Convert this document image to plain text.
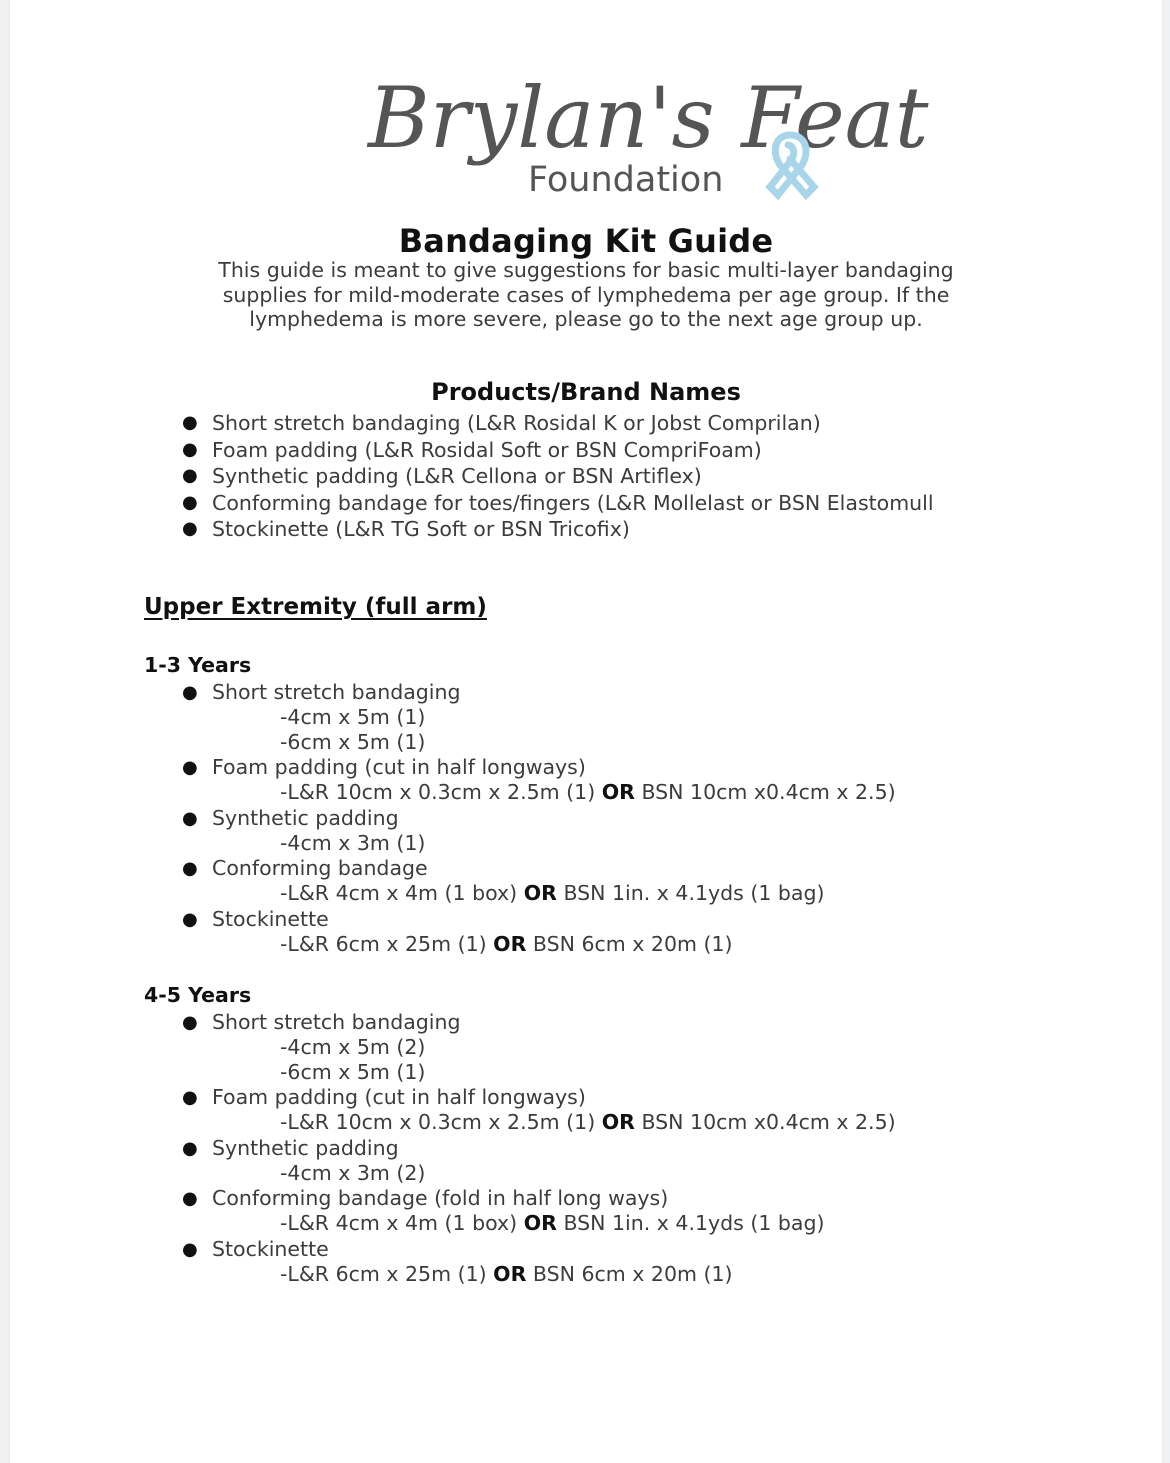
Brylan's Feat
Foundation
Bandaging Kit Guide
This guide is meant to give suggestions for basic multi-layer bandaging
supplies for mild-moderate cases of lymphedema per age group. If the
lymphedema is more severe, please go to the next age group up.
Products/Brand Names
● Short stretch bandaging (L&R Rosidal K or Jobst Comprilan)
● Foam padding (L&R Rosidal Soft or BSN CompriFoam)
● Synthetic padding (L&R Cellona or BSN Artiflex)
● Conforming bandage for toes/fingers (L&R Mollelast or BSN Elastomull
● Stockinette (L&R TG Soft or BSN Tricofix)
Upper Extremity (full arm)
1-3 Years
● Short stretch bandaging
-4cm x 5m (1)
-6cm x 5m (1)
● Foam padding (cut in half longways)
-L&R 10cm x 0.3cm x 2.5m (1) OR BSN 10cm x0.4cm x 2.5)
● Synthetic padding
-4cm x 3m (1)
● Conforming bandage
-L&R 4cm x 4m (1 box) OR BSN 1in. x 4.1yds (1 bag)
● Stockinette
-L&R 6cm x 25m (1) OR BSN 6cm x 20m (1)
4-5 Years
● Short stretch bandaging
-4cm x 5m (2)
-6cm x 5m (1)
● Foam padding (cut in half longways)
-L&R 10cm x 0.3cm x 2.5m (1) OR BSN 10cm x0.4cm x 2.5)
● Synthetic padding
-4cm x 3m (2)
● Conforming bandage (fold in half long ways)
-L&R 4cm x 4m (1 box) OR BSN 1in. x 4.1yds (1 bag)
● Stockinette
-L&R 6cm x 25m (1) OR BSN 6cm x 20m (1)
